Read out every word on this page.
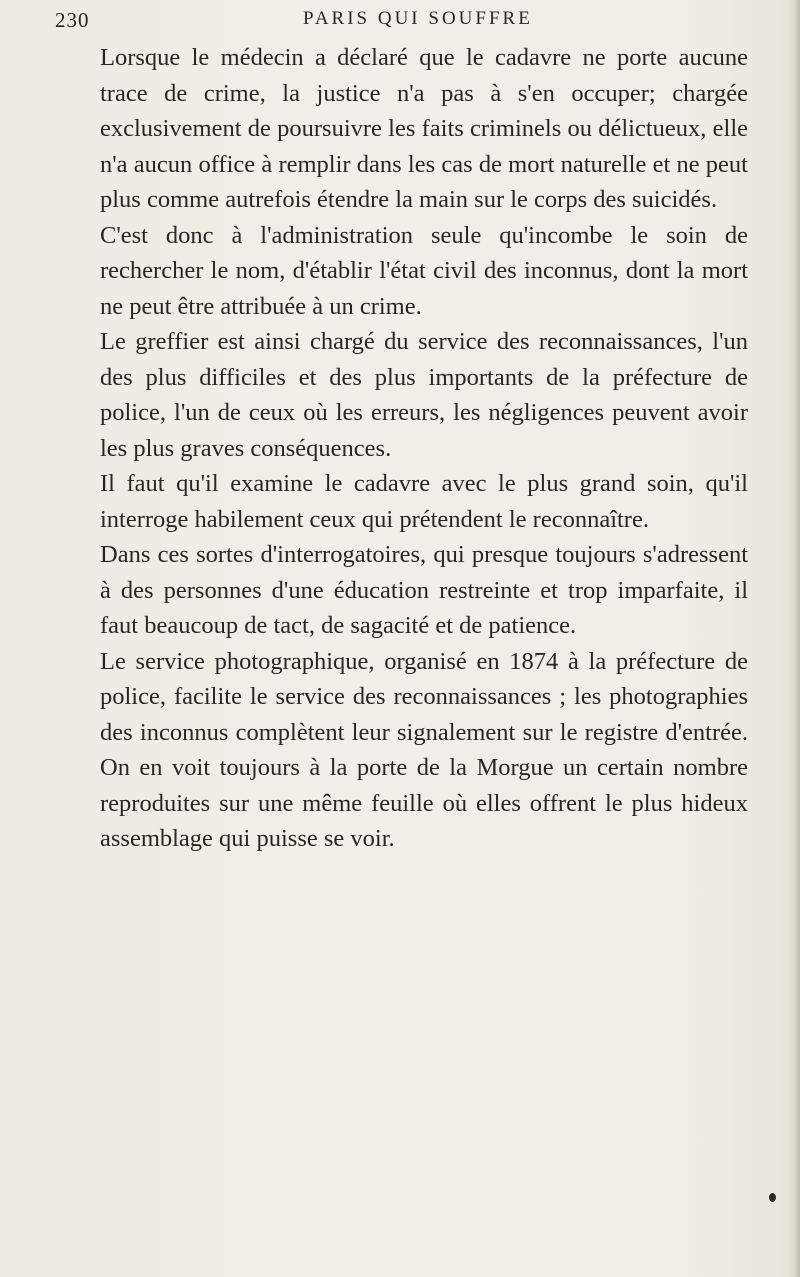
230	PARIS QUI SOUFFRE

Lorsque le médecin a déclaré que le cadavre ne porte aucune trace de crime, la justice n'a pas à s'en occuper; chargée exclusivement de poursuivre les faits criminels ou délictueux, elle n'a aucun office à remplir dans les cas de mort naturelle et ne peut plus comme autrefois étendre la main sur le corps des suicidés.

C'est donc à l'administration seule qu'incombe le soin de rechercher le nom, d'établir l'état civil des inconnus, dont la mort ne peut être attribuée à un crime.

Le greffier est ainsi chargé du service des reconnaissances, l'un des plus difficiles et des plus importants de la préfecture de police, l'un de ceux où les erreurs, les négligences peuvent avoir les plus graves conséquences.

Il faut qu'il examine le cadavre avec le plus grand soin, qu'il interroge habilement ceux qui prétendent le reconnaître.

Dans ces sortes d'interrogatoires, qui presque toujours s'adressent à des personnes d'une éducation restreinte et trop imparfaite, il faut beaucoup de tact, de sagacité et de patience.

Le service photographique, organisé en 1874 à la préfecture de police, facilite le service des reconnaissances ; les photographies des inconnus complètent leur signalement sur le registre d'entrée. On en voit toujours à la porte de la Morgue un certain nombre reproduites sur une même feuille où elles offrent le plus hideux assemblage qui puisse se voir.
